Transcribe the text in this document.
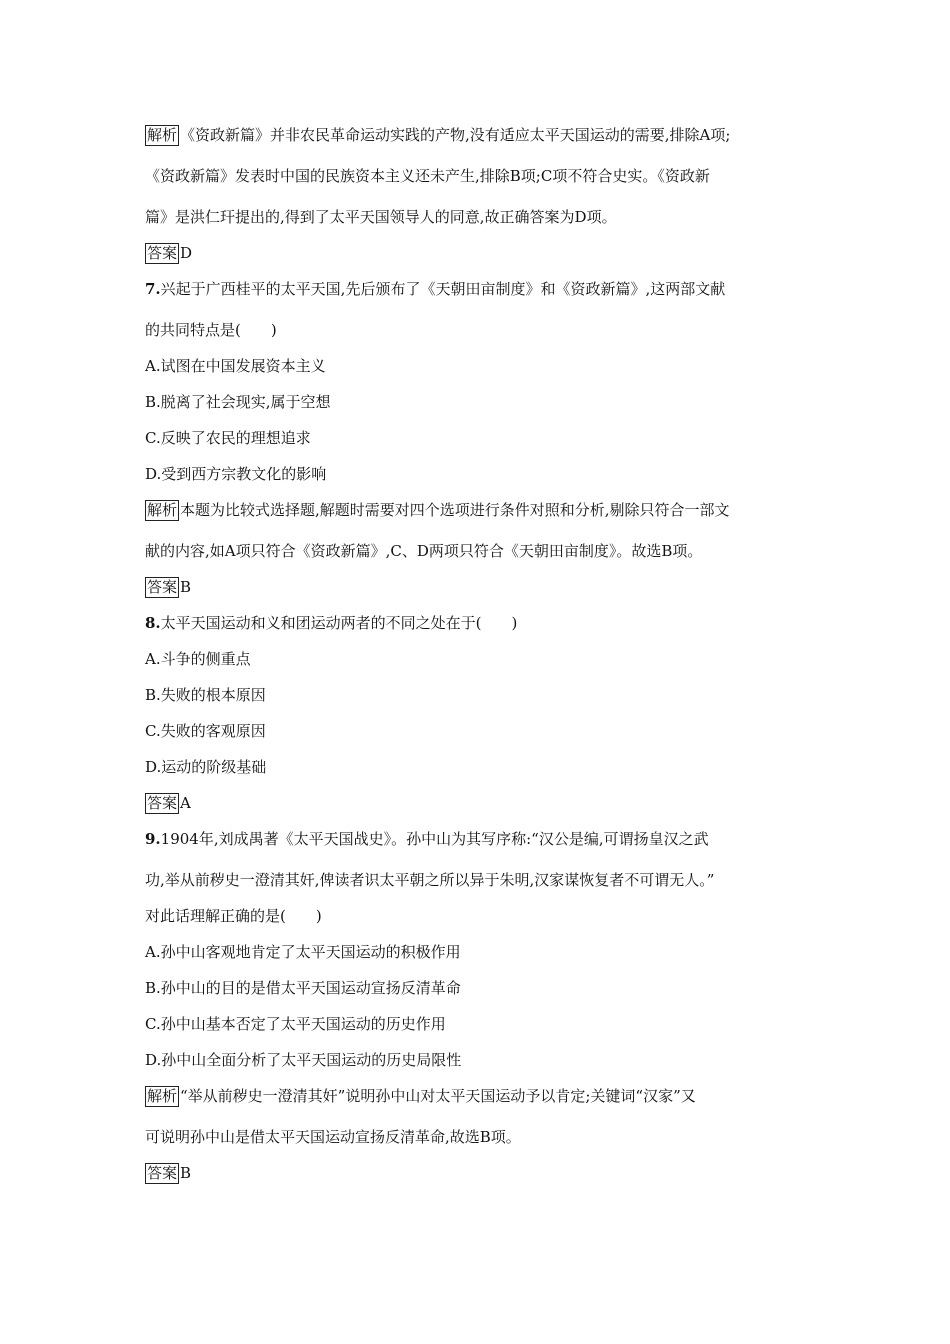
解析 《资政新篇》并非农民革命运动实践的产物,没有适应太平天国运动的需要,排除A项;
《资政新篇》发表时中国的民族资本主义还未产生,排除B项;C项不符合史实。《资政新
篇》是洪仁玕提出的,得到了太平天国领导人的同意,故正确答案为D项。
答案 D
7.兴起于广西桂平的太平天国,先后颁布了《天朝田亩制度》和《资政新篇》,这两部文献
的共同特点是(　　)
A.试图在中国发展资本主义
B.脱离了社会现实,属于空想
C.反映了农民的理想追求
D.受到西方宗教文化的影响
解析 本题为比较式选择题,解题时需要对四个选项进行条件对照和分析,剔除只符合一部文
献的内容,如A项只符合《资政新篇》,C、D两项只符合《天朝田亩制度》。故选B项。
答案 B
8.太平天国运动和义和团运动两者的不同之处在于(　　)
A.斗争的侧重点
B.失败的根本原因
C.失败的客观原因
D.运动的阶级基础
答案 A
9.1904年,刘成禺著《太平天国战史》。孙中山为其写序称:“汉公是编,可谓扬皇汉之武
功,举从前秽史一澄清其奸,俾读者识太平朝之所以异于朱明,汉家谋恢复者不可谓无人。”
对此话理解正确的是(　　)
A.孙中山客观地肯定了太平天国运动的积极作用
B.孙中山的目的是借太平天国运动宣扬反清革命
C.孙中山基本否定了太平天国运动的历史作用
D.孙中山全面分析了太平天国运动的历史局限性
解析 “举从前秽史一澄清其奸”说明孙中山对太平天国运动予以肯定;关键词“汉家”又
可说明孙中山是借太平天国运动宣扬反清革命,故选B项。
答案 B
